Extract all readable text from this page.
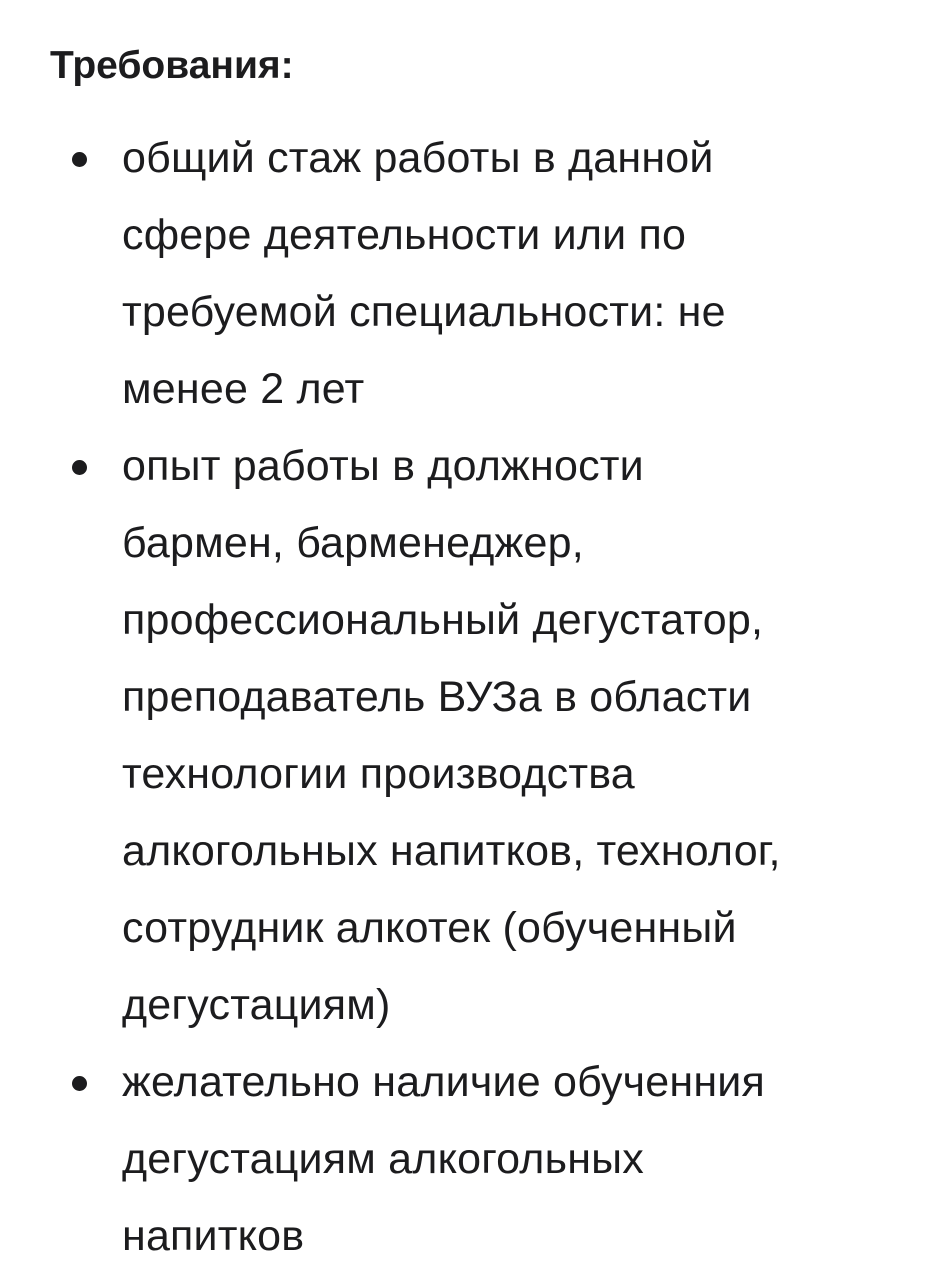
Требования:

общий стаж работы в данной
сфере деятельности или по
требуемой специальности: не
менее 2 лет

опыт работы в должности
бармен, барменеджер,
профессиональный дегустатор,
преподаватель ВУЗа в области
технологии производства
алкогольных напитков, технолог,
сотрудник алкотек (обученный
дегустациям)

желательно наличие обученния
дегустациям алкогольных
напитков
